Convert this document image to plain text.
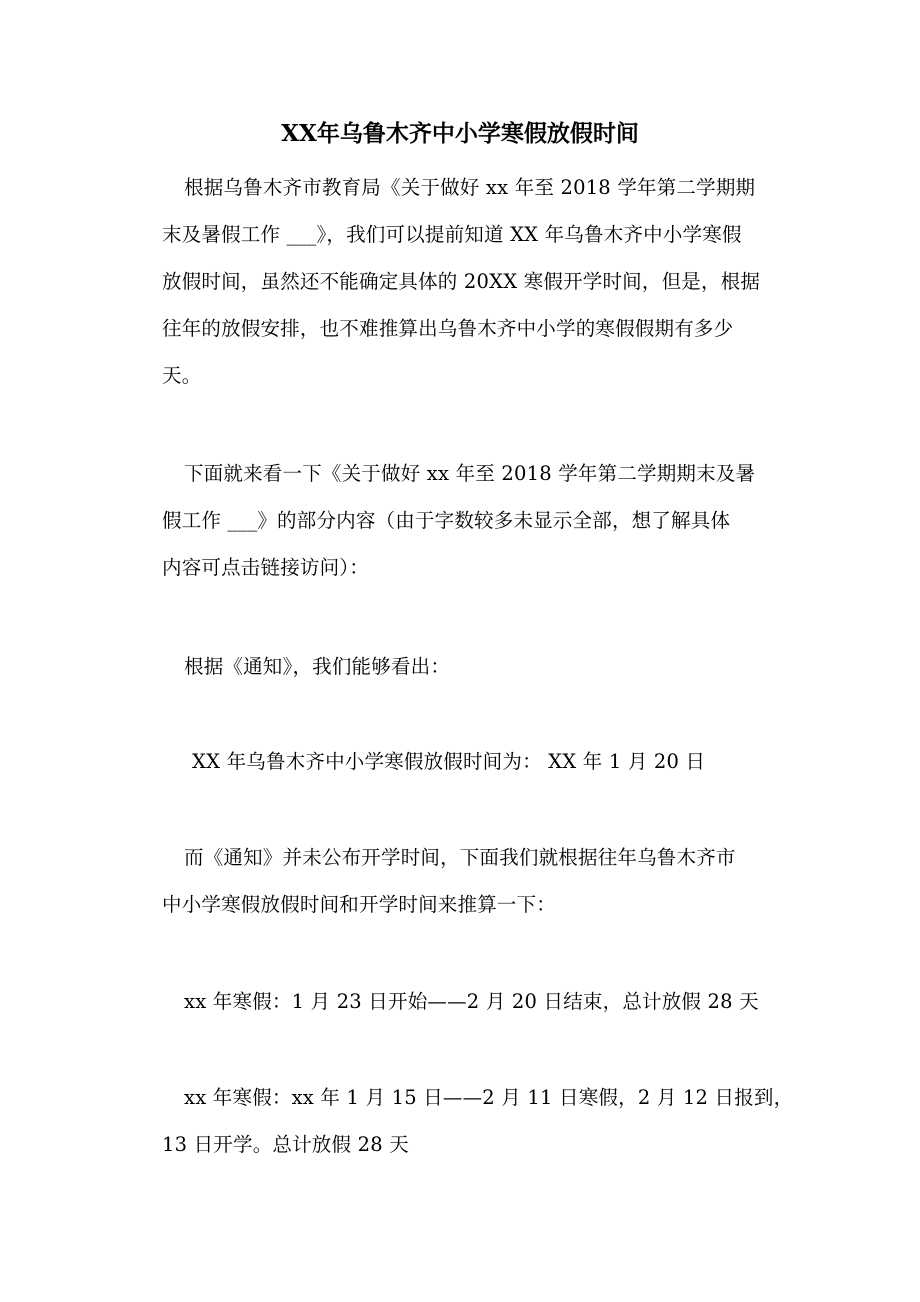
XX年乌鲁木齐中小学寒假放假时间
根据乌鲁木齐市教育局《关于做好 xx 年至 2018 学年第二学期期
末及暑假工作 ___》，我们可以提前知道 XX 年乌鲁木齐中小学寒假
放假时间，虽然还不能确定具体的 20XX 寒假开学时间，但是，根据
往年的放假安排，也不难推算出乌鲁木齐中小学的寒假假期有多少
天。
下面就来看一下《关于做好 xx 年至 2018 学年第二学期期末及暑
假工作 ___》的部分内容（由于字数较多未显示全部，想了解具体
内容可点击链接访问）：
根据《通知》，我们能够看出：
XX 年乌鲁木齐中小学寒假放假时间为： XX 年 1 月 20 日
而《通知》并未公布开学时间，下面我们就根据往年乌鲁木齐市
中小学寒假放假时间和开学时间来推算一下：
xx 年寒假：1 月 23 日开始——2 月 20 日结束，总计放假 28 天
xx 年寒假：xx 年 1 月 15 日——2 月 11 日寒假，2 月 12 日报到，
13 日开学。总计放假 28 天
